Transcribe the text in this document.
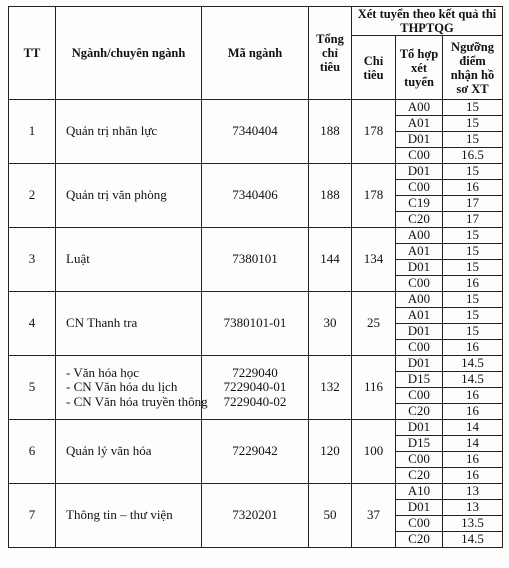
TT	Ngành/chuyên ngành	Mã ngành	Tổng chỉ tiêu	Xét tuyển theo kết quả thi THPTQG		
				Chỉ tiêu	Tổ hợp xét tuyển	Ngưỡng điểm nhận hồ sơ XT
1	Quản trị nhân lực	7340404	188	178	A00	15
					A01	15
					D01	15
					C00	16.5
2	Quản trị văn phòng	7340406	188	178	D01	15
					C00	16
					C19	17
					C20	17
3	Luật	7380101	144	134	A00	15
					A01	15
					D01	15
					C00	16
4	CN Thanh tra	7380101-01	30	25	A00	15
					A01	15
					D01	15
					C00	16
5	- Văn hóa học
- CN Văn hóa du lịch
- CN Văn hóa truyền thông	7229040
7229040-01
7229040-02	132	116	D01	14.5
					D15	14.5
					C00	16
					C20	16
6	Quản lý văn hóa	7229042	120	100	D01	14
					D15	14
					C00	16
					C20	16
7	Thông tin – thư viện	7320201	50	37	A10	13
					D01	13
					C00	13.5
					C20	14.5
